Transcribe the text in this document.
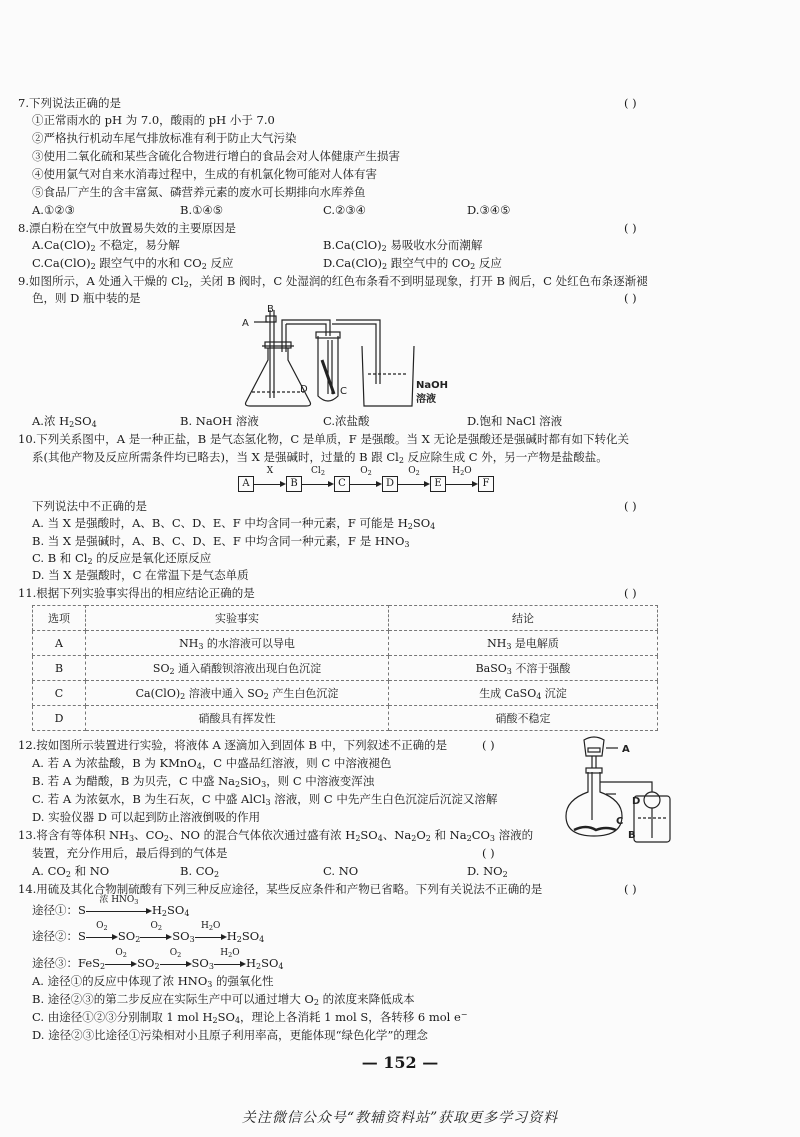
7.下列说法正确的是	( )
①正常雨水的 pH 为 7.0，酸雨的 pH 小于 7.0
②严格执行机动车尾气排放标准有利于防止大气污染
③使用二氧化硫和某些含硫化合物进行增白的食品会对人体健康产生损害
④使用氯气对自来水消毒过程中，生成的有机氯化物可能对人体有害
⑤食品厂产生的含丰富氮、磷营养元素的废水可长期排向水库养鱼
A.①②③	B.①④⑤	C.②③④	D.③④⑤
8.漂白粉在空气中放置易失效的主要原因是	( )
$A.Ca(ClO)_2$ 不稳定，易分解	$B.Ca(ClO)_2$ 易吸收水分而潮解
$C.Ca(ClO)_2$ 跟空气中的水和 $CO_2$ 反应	$D.Ca(ClO)_2$ 跟空气中的 $CO_2$ 反应
9.如图所示，A 处通入干燥的 $Cl_2$，关闭 B 阀时，C 处湿润的红色布条看不到明显现象，打开 B 阀后，C 处红色布条逐渐褪
色，则 D 瓶中装的是	( )
A
B
C
D	NaOH
溶液
A.浓 $H_2SO_4$	B. NaOH 溶液	C.浓盐酸	D.饱和 NaCl 溶液
10.下列关系图中，A 是一种正盐，B 是气态氢化物，C 是单质，F 是强酸。当 X 无论是强酸还是强碱时都有如下转化关
系(其他产物及反应所需条件均已略去)，当 X 是强碱时，过量的 B 跟 $Cl_2$ 反应除生成 C 外，另一产物是盐酸盐。
A
X
B
$Cl_2$
C
$O_2$
D
$O_2$
E
$H_2O$
F
下列说法中不正确的是	( )
A. 当 X 是强酸时，A、B、C、D、E、F 中均含同一种元素，F 可能是 $H_2SO_4$
B. 当 X 是强碱时，A、B、C、D、E、F 中均含同一种元素，F 是 $HNO_3$
C. B 和 $Cl_2$ 的反应是氧化还原反应
D. 当 X 是强酸时，C 在常温下是气态单质
11.根据下列实验事实得出的相应结论正确的是	( )
选项	实验事实	结论
A	$NH_3$ 的水溶液可以导电	$NH_3$ 是电解质
B	$SO_2$ 通入硝酸钡溶液出现白色沉淀	BaSO$_3$ 不溶于强酸
C	$Ca(ClO)_2$ 溶液中通入 $SO_2$ 产生白色沉淀	生成 CaSO$_4$ 沉淀
D	硝酸具有挥发性	硝酸不稳定
12.按如图所示装置进行实验，将液体 A 逐滴加入到固体 B 中，下列叙述不正确的是	( )
A. 若 A 为浓盐酸，B 为 KMnO$_4$，C 中盛品红溶液，则 C 中溶液褪色
B. 若 A 为醋酸，B 为贝壳，C 中盛 $Na_2SiO_3$，则 C 中溶液变浑浊
C. 若 A 为浓氨水，B 为生石灰，C 中盛 AlCl$_3$ 溶液，则 C 中先产生白色沉淀后沉淀又溶解
D. 实验仪器 D 可以起到防止溶液倒吸的作用
A
D
B
C
13.将含有等体积 $NH_3$、$CO_2$、NO 的混合气体依次通过盛有浓 $H_2SO_4$、$Na_2O_2$ 和 $Na_2CO_3$ 溶液的
装置，充分作用后，最后得到的气体是	( )
A. $CO_2$ 和 NO	B. $CO_2$	C. NO	D. $NO_2$
14.用硫及其化合物制硫酸有下列三种反应途径，某些反应条件和产物已省略。下列有关说法不正确的是	( )
途径①：S
浓 $HNO_3$
$H_2SO_4$
途径②：S
$O_2$
$SO_2$
$O_2$
$SO_3$
$H_2O$
$H_2SO_4$
途径③：FeS$_2$
$O_2$
$SO_2$
$O_2$
$SO_3$
$H_2O$
$H_2SO_4$
A. 途径①的反应中体现了浓 $HNO_3$ 的强氧化性
B. 途径②③的第二步反应在实际生产中可以通过增大 $O_2$ 的浓度来降低成本
C. 由途径①②③分别制取 1 mol $H_2SO_4$，理论上各消耗 1 mol S，各转移 6 mol e−
D. 途径②③比途径①污染相对小且原子利用率高，更能体现“绿色化学”的理念
— 152 —
关注微信公众号“教辅资料站”获取更多学习资料
